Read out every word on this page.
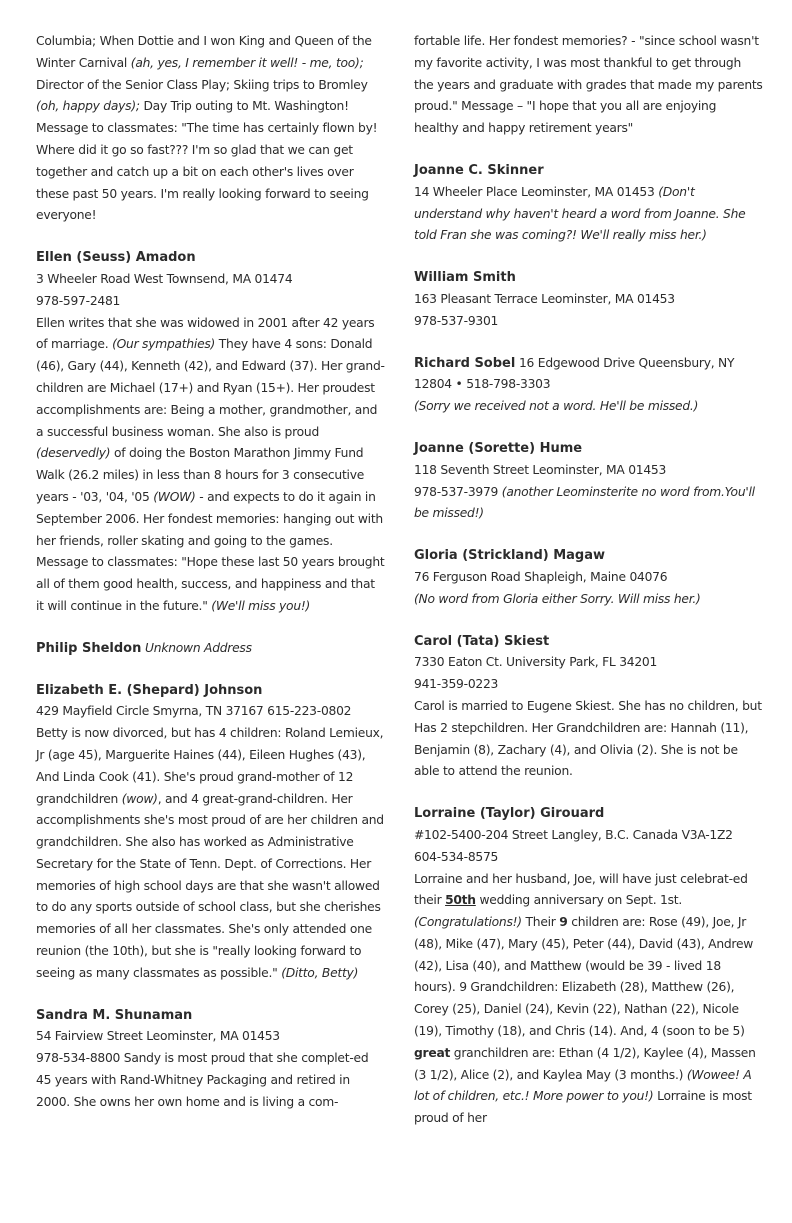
Columbia; When Dottie and I won King and Queen of the Winter Carnival (ah, yes, I remember it well! - me, too); Director of the Senior Class Play; Skiing trips to Bromley (oh, happy days); Day Trip outing to Mt. Washington! Message to classmates: "The time has certainly flown by! Where did it go so fast??? I'm so glad that we can get together and catch up a bit on each other's lives over these past 50 years. I'm really looking forward to seeing everyone!

Ellen (Seuss) Amadon

3 Wheeler Road West Townsend, MA 01474

978-597-2481

Ellen writes that she was widowed in 2001 after 42 years of marriage. (Our sympathies) They have 4 sons: Donald (46), Gary (44), Kenneth (42), and Edward (37). Her grand- children are Michael (17+) and Ryan (15+). Her proudest accomplishments are: Being a mother, grandmother, and a successful business woman. She also is proud (deservedly) of doing the Boston Marathon Jimmy Fund Walk (26.2 miles) in less than 8 hours for 3 consecutive years - '03, '04, '05 (WOW) - and expects to do it again in September 2006. Her fondest memories: hanging out with her friends, roller skating and going to the games. Message to classmates: "Hope these last 50 years brought all of them good health, success, and happiness and that it will continue in the future." (We'll miss you!)

Philip Sheldon Unknown Address

Elizabeth E. (Shepard) Johnson

429 Mayfield Circle Smyrna, TN 37167 615-223-0802

Betty is now divorced, but has 4 children: Roland Lemieux, Jr (age 45), Marguerite Haines (44), Eileen Hughes (43), And Linda Cook (41). She's proud grand-mother of 12 grandchildren (wow), and 4 great-grand-children. Her accomplishments she's most proud of are her children and grandchildren. She also has worked as Administrative Secretary for the State of Tenn. Dept. of Corrections. Her memories of high school days are that she wasn't allowed to do any sports outside of school class, but she cherishes memories of all her classmates. She's only attended one reunion (the 10th), but she is "really looking forward to seeing as many classmates as possible." (Ditto, Betty)

Sandra M. Shunaman

54 Fairview Street Leominster, MA 01453

978-534-8800 Sandy is most proud that she complet-ed 45 years with Rand-Whitney Packaging and retired in 2000. She owns her own home and is living a com-

fortable life. Her fondest memories? - "since school wasn't my favorite activity, I was most thankful to get through the years and graduate with grades that made my parents proud." Message – "I hope that you all are enjoying healthy and happy retirement years"

Joanne C. Skinner

14 Wheeler Place Leominster, MA 01453 (Don't understand why haven't heard a word from Joanne. She told Fran she was coming?! We'll really miss her.)

William Smith

163 Pleasant Terrace Leominster, MA 01453

978-537-9301

Richard Sobel 16 Edgewood Drive Queensbury, NY 12804 • 518-798-3303

(Sorry we received not a word. He'll be missed.)

Joanne (Sorette) Hume

118 Seventh Street Leominster, MA 01453

978-537-3979 (another Leominsterite no word from.You'll be missed!)

Gloria (Strickland) Magaw

76 Ferguson Road Shapleigh, Maine 04076

(No word from Gloria either Sorry. Will miss her.)

Carol (Tata) Skiest

7330 Eaton Ct. University Park, FL 34201

941-359-0223

Carol is married to Eugene Skiest. She has no children, but Has 2 stepchildren. Her Grandchildren are: Hannah (11), Benjamin (8), Zachary (4), and Olivia (2). She is not be able to attend the reunion.

Lorraine (Taylor) Girouard

#102-5400-204 Street Langley, B.C. Canada V3A-1Z2

604-534-8575

Lorraine and her husband, Joe, will have just celebrat-ed their 50th wedding anniversary on Sept. 1st. (Congratulations!) Their 9 children are: Rose (49), Joe, Jr (48), Mike (47), Mary (45), Peter (44), David (43), Andrew (42), Lisa (40), and Matthew (would be 39 - lived 18 hours). 9 Grandchildren: Elizabeth (28), Matthew (26), Corey (25), Daniel (24), Kevin (22), Nathan (22), Nicole (19), Timothy (18), and Chris (14). And, 4 (soon to be 5) great granchildren are: Ethan (4 1/2), Kaylee (4), Massen (3 1/2), Alice (2), and Kaylea May (3 months.) (Wowee! A lot of children, etc.! More power to you!) Lorraine is most proud of her
